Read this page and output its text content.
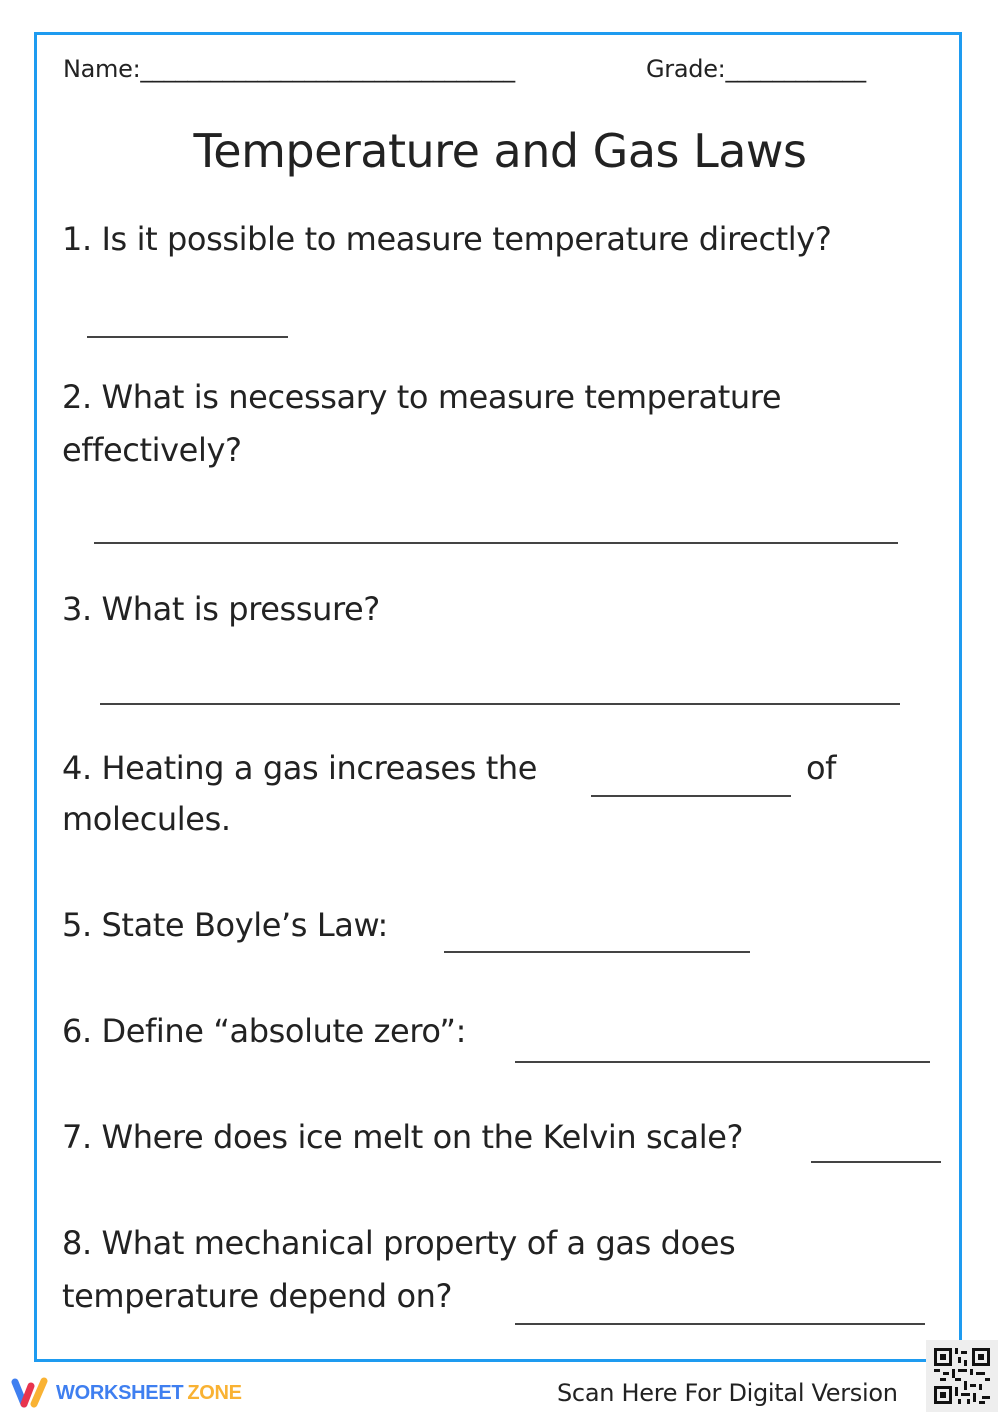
Name:________________________________	Grade:____________
Temperature and Gas Laws
1. Is it possible to measure temperature directly?
2. What is necessary to measure temperature
effectively?
3. What is pressure?
4. Heating a gas increases the	of
molecules.
5. State Boyle’s Law:
6. Define “absolute zero”:
7. Where does ice melt on the Kelvin scale?
8. What mechanical property of a gas does
temperature depend on?
WORKSHEET ZONE	Scan Here For Digital Version
